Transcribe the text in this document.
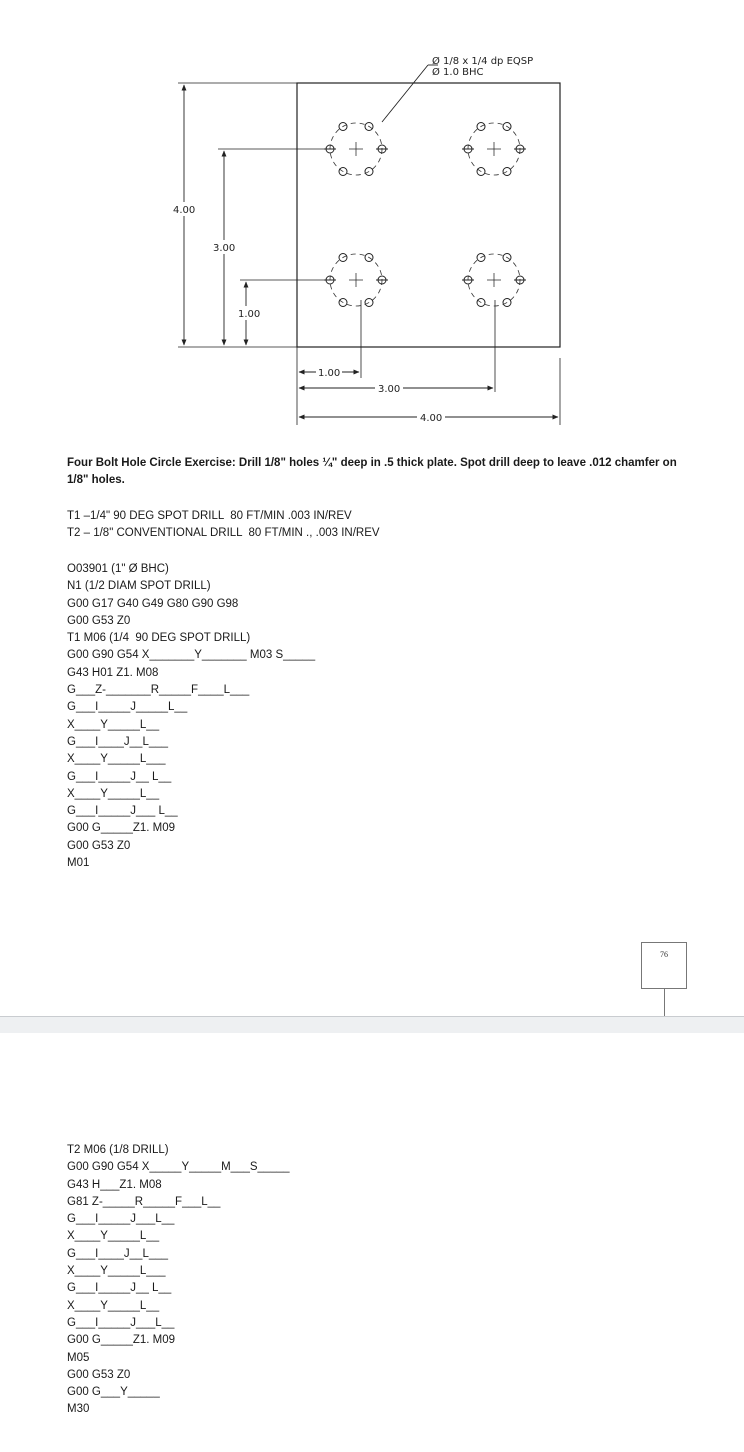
Ø 1/8 x 1/4 dp EQSP
Ø 1.0 BHC
4.00
3.00
1.00
1.00
3.00
4.00

Four Bolt Hole Circle Exercise: Drill 1/8" holes ¼" deep in .5 thick plate. Spot drill deep to leave .012 chamfer on 1/8" holes.

T1 –1/4" 90 DEG SPOT DRILL  80 FT/MIN .003 IN/REV
T2 – 1/8" CONVENTIONAL DRILL  80 FT/MIN ., .003 IN/REV
O03901 (1" Ø BHC)
N1 (1/2 DIAM SPOT DRILL)
G00 G17 G40 G49 G80 G90 G98
G00 G53 Z0
T1 M06 (1/4  90 DEG SPOT DRILL)
G00 G90 G54 X_______Y_______ M03 S_____
G43 H01 Z1. M08
G___Z-_______R_____F____L___
G___I_____J_____L__
X____Y_____L__
G___I____J__L___
X____Y_____L___
G___I_____J__ L__
X____Y_____L__
G___I_____J___ L__
G00 G_____Z1. M09
G00 G53 Z0
M01
76
T2 M06 (1/8 DRILL)
G00 G90 G54 X_____Y_____M___S_____
G43 H___Z1. M08
G81 Z-_____R_____F___L__
G___I_____J___L__
X____Y_____L__
G___I____J__L___
X____Y_____L___
G___I_____J__ L__
X____Y_____L__
G___I_____J___L__
G00 G_____Z1. M09
M05
G00 G53 Z0
G00 G___Y_____
M30
